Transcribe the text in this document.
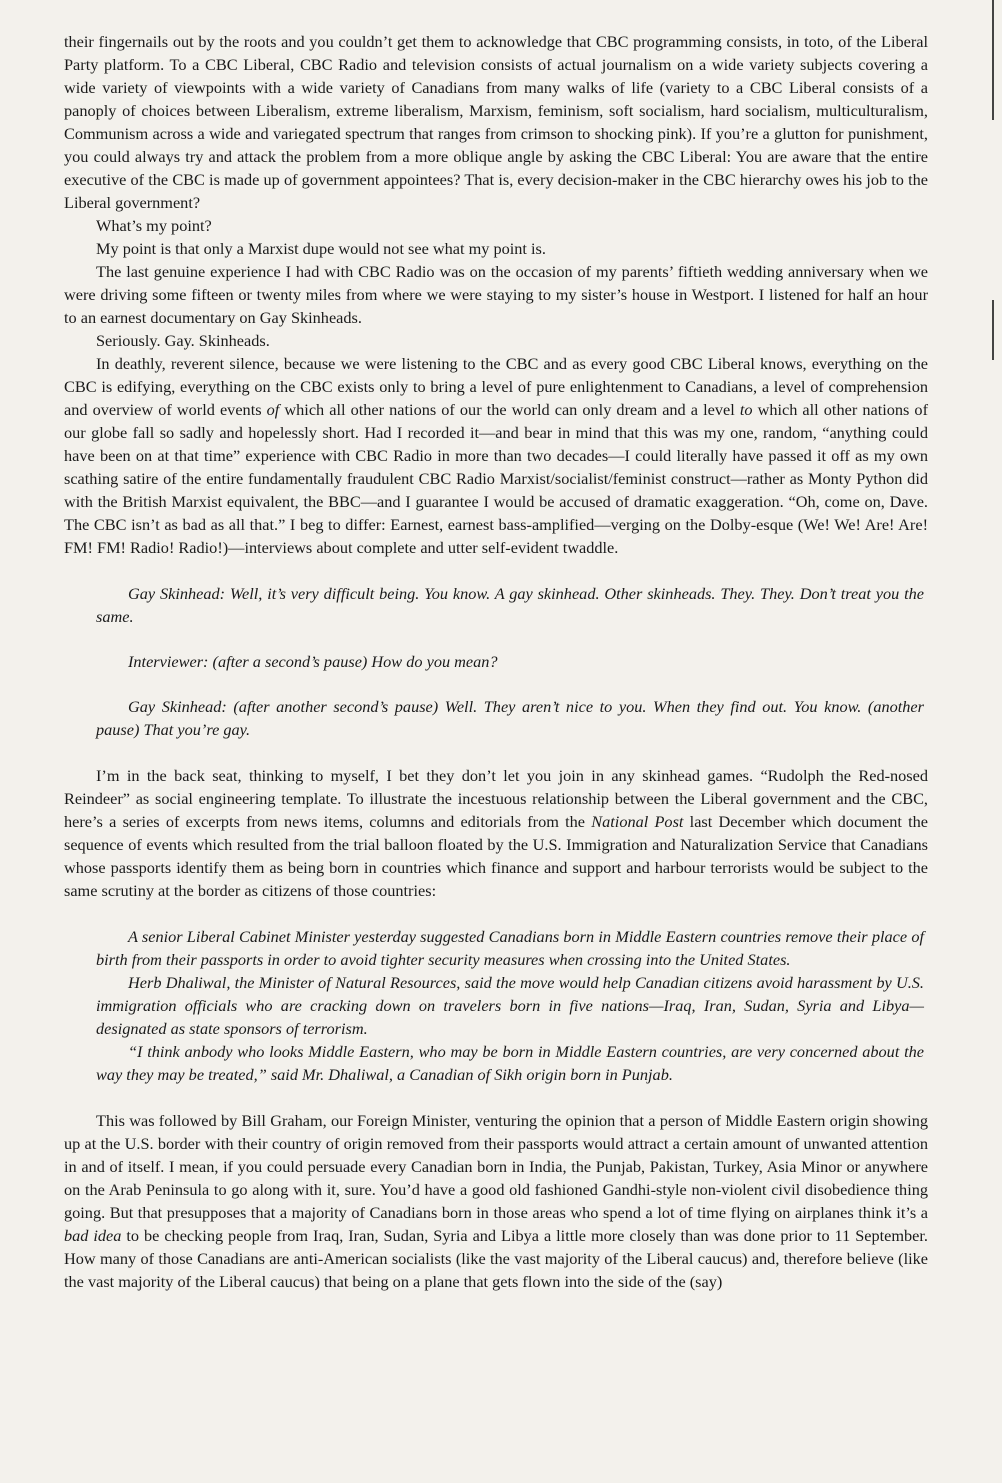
their fingernails out by the roots and you couldn’t get them to acknowledge that CBC programming consists, in toto, of the Liberal Party platform. To a CBC Liberal, CBC Radio and television consists of actual journalism on a wide variety subjects covering a wide variety of viewpoints with a wide variety of Canadians from many walks of life (variety to a CBC Liberal consists of a panoply of choices between Liberalism, extreme liberalism, Marxism, feminism, soft socialism, hard socialism, multiculturalism, Communism across a wide and variegated spectrum that ranges from crimson to shocking pink). If you’re a glutton for punishment, you could always try and attack the problem from a more oblique angle by asking the CBC Liberal: You are aware that the entire executive of the CBC is made up of government appointees? That is, every decision-maker in the CBC hierarchy owes his job to the Liberal government?

What’s my point?

My point is that only a Marxist dupe would not see what my point is.

The last genuine experience I had with CBC Radio was on the occasion of my parents’ fiftieth wedding anniversary when we were driving some fifteen or twenty miles from where we were staying to my sister’s house in Westport. I listened for half an hour to an earnest documentary on Gay Skinheads.

Seriously. Gay. Skinheads.

In deathly, reverent silence, because we were listening to the CBC and as every good CBC Liberal knows, everything on the CBC is edifying, everything on the CBC exists only to bring a level of pure enlightenment to Canadians, a level of comprehension and overview of world events of which all other nations of our the world can only dream and a level to which all other nations of our globe fall so sadly and hopelessly short. Had I recorded it—and bear in mind that this was my one, random, “anything could have been on at that time” experience with CBC Radio in more than two decades—I could literally have passed it off as my own scathing satire of the entire fundamentally fraudulent CBC Radio Marxist/socialist/feminist construct—rather as Monty Python did with the British Marxist equivalent, the BBC—and I guarantee I would be accused of dramatic exaggeration. “Oh, come on, Dave. The CBC isn’t as bad as all that.” I beg to differ: Earnest, earnest bass-amplified—verging on the Dolby-esque (We! We! Are! Are! FM! FM! Radio! Radio!)—interviews about complete and utter self-evident twaddle.

Gay Skinhead: Well, it’s very difficult being. You know. A gay skinhead. Other skinheads. They. They. Don’t treat you the same.

Interviewer: (after a second’s pause) How do you mean?

Gay Skinhead: (after another second’s pause) Well. They aren’t nice to you. When they find out. You know. (another pause) That you’re gay.

I’m in the back seat, thinking to myself, I bet they don’t let you join in any skinhead games. “Rudolph the Red-nosed Reindeer” as social engineering template. To illustrate the incestuous relationship between the Liberal government and the CBC, here’s a series of excerpts from news items, columns and editorials from the National Post last December which document the sequence of events which resulted from the trial balloon floated by the U.S. Immigration and Naturalization Service that Canadians whose passports identify them as being born in countries which finance and support and harbour terrorists would be subject to the same scrutiny at the border as citizens of those countries:

A senior Liberal Cabinet Minister yesterday suggested Canadians born in Middle Eastern countries remove their place of birth from their passports in order to avoid tighter security measures when crossing into the United States.

Herb Dhaliwal, the Minister of Natural Resources, said the move would help Canadian citizens avoid harassment by U.S. immigration officials who are cracking down on travelers born in five nations—Iraq, Iran, Sudan, Syria and Libya—designated as state sponsors of terrorism.

“I think anbody who looks Middle Eastern, who may be born in Middle Eastern countries, are very concerned about the way they may be treated,” said Mr. Dhaliwal, a Canadian of Sikh origin born in Punjab.

This was followed by Bill Graham, our Foreign Minister, venturing the opinion that a person of Middle Eastern origin showing up at the U.S. border with their country of origin removed from their passports would attract a certain amount of unwanted attention in and of itself. I mean, if you could persuade every Canadian born in India, the Punjab, Pakistan, Turkey, Asia Minor or anywhere on the Arab Peninsula to go along with it, sure. You’d have a good old fashioned Gandhi-style non-violent civil disobedience thing going. But that presupposes that a majority of Canadians born in those areas who spend a lot of time flying on airplanes think it’s a bad idea to be checking people from Iraq, Iran, Sudan, Syria and Libya a little more closely than was done prior to 11 September. How many of those Canadians are anti-American socialists (like the vast majority of the Liberal caucus) and, therefore believe (like the vast majority of the Liberal caucus) that being on a plane that gets flown into the side of the (say)
